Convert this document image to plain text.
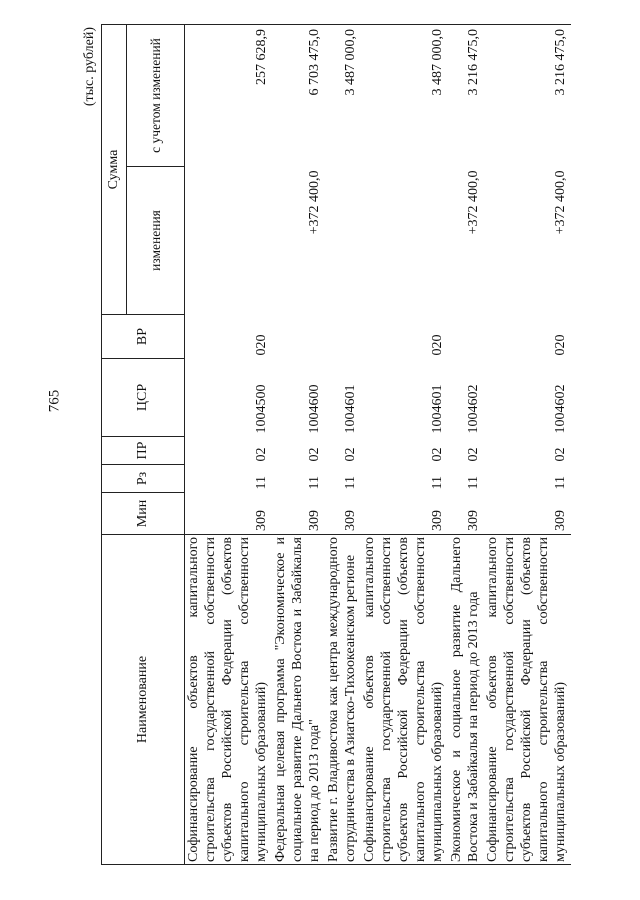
765
(тыс. рублей)
Наименование	Мин	Рз	ПР	ЦСР	ВР	Сумма	
						изменения	с учетом изменений
Софинансирование объектов капитального строительства государственной собственности субъектов Российской Федерации (объектов капитального строительства собственности муниципальных образований)	309	11	02	1004500	020		257 628,9
Федеральная целевая программа "Экономическое и социальное развитие Дальнего Востока и Забайкалья на период до 2013 года"	309	11	02	1004600		+372 400,0	6 703 475,0
Развитие г. Владивостока как центра международного сотрудничества в Азиатско-Тихоокеанском регионе	309	11	02	1004601			3 487 000,0
Софинансирование объектов капитального строительства государственной собственности субъектов Российской Федерации (объектов капитального строительства собственности муниципальных образований)	309	11	02	1004601	020		3 487 000,0
Экономическое и социальное развитие Дальнего Востока и Забайкалья на период до 2013 года	309	11	02	1004602		+372 400,0	3 216 475,0
Софинансирование объектов капитального строительства государственной собственности субъектов Российской Федерации (объектов капитального строительства собственности муниципальных образований)	309	11	02	1004602	020	+372 400,0	3 216 475,0
